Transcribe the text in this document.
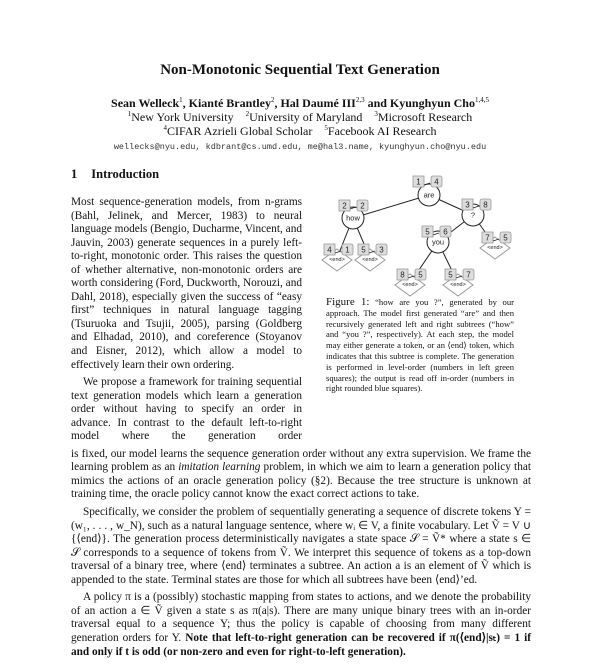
Non-Monotonic Sequential Text Generation
Sean Welleck$^1$, Kianté Brantley$^2$, Hal Daumé III$^{2,3}$ and Kyunghyun Cho$^{1,4,5}$
$^1$New York University $^2$University of Maryland $^3$Microsoft Research
$^4$CIFAR Azrieli Global Scholar $^5$Facebook AI Research
wellecks@nyu.edu, kdbrant@cs.umd.edu, me@hal3.name, kyunghyun.cho@nyu.edu
1 Introduction

Most sequence-generation models, from n-grams (Bahl, Jelinek, and Mercer, 1983) to neural language models (Bengio, Ducharme, Vincent, and Jauvin, 2003) generate sequences in a purely left-to-right, monotonic order. This raises the question of whether alternative, non-monotonic orders are worth considering (Ford, Duckworth, Norouzi, and Dahl, 2018), especially given the success of “easy first” techniques in natural language tagging (Tsuruoka and Tsujii, 2005), parsing (Goldberg and Elhadad, 2010), and coreference (Stoyanov and Eisner, 2012), which allow a model to effectively learn their own ordering.

We propose a framework for training sequential text generation models which learn a generation order without having to specify an order in advance. In contrast to the default left-to-right model where the generation order

are
how	?
you
<end>	<end>
<end>
<end>	<end>
1 4
2 2	3 8
5 6
4 1 5 3
7 5
8 5	5 7
Figure 1: “how are you ?”, generated by our approach. The model first generated “are” and then recursively generated left and right subtrees (“how” and “you ?”, respectively). At each step, the model may either generate a token, or an ⟨end⟩ token, which indicates that this subtree is complete. The generation is performed in level-order (numbers in left green squares); the output is read off in-order (numbers in right rounded blue squares).

is fixed, our model learns the sequence generation order without any extra supervision. We frame the learning problem as an imitation learning problem, in which we aim to learn a generation policy that mimics the actions of an oracle generation policy (§2). Because the tree structure is unknown at training time, the oracle policy cannot know the exact correct actions to take.

Specifically, we consider the problem of sequentially generating a sequence of discrete tokens Y = (w₁, . . . , w_N), such as a natural language sentence, where wᵢ ∈ V, a finite vocabulary. Let Ṽ = V ∪ {⟨end⟩}. The generation process deterministically navigates a state space 𝒮 = Ṽ* where a state s ∈ 𝒮 corresponds to a sequence of tokens from Ṽ. We interpret this sequence of tokens as a top-down traversal of a binary tree, where ⟨end⟩ terminates a subtree. An action a is an element of Ṽ which is appended to the state. Terminal states are those for which all subtrees have been ⟨end⟩’ed.

A policy π is a (possibly) stochastic mapping from states to actions, and we denote the probability of an action a ∈ Ṽ given a state s as π(a|s). There are many unique binary trees with an in-order traversal equal to a sequence Y; thus the policy is capable of choosing from many different generation orders for Y. Note that left-to-right generation can be recovered if π(⟨end⟩|sₜ) = 1 if and only if t is odd (or non-zero and even for right-to-left generation).
